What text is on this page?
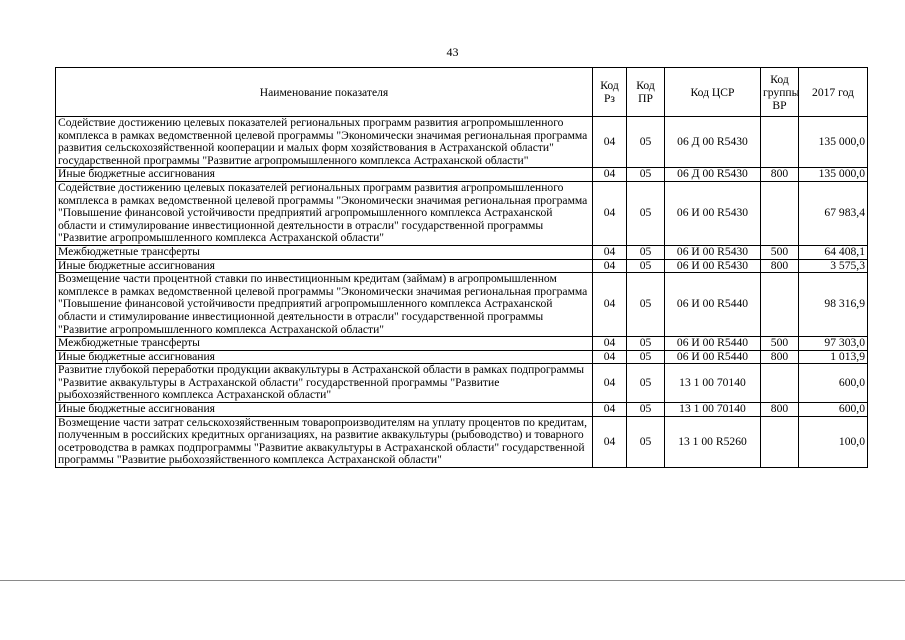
43
Наименование показателя	Код Рз	Код ПР	Код ЦСР	Код группы ВР	2017 год
Содействие достижению целевых показателей региональных программ развития агропромышленного комплекса в рамках ведомственной целевой программы "Экономически значимая региональная программа развития сельскохозяйственной кооперации и малых форм хозяйствования в Астраханской области" государственной программы "Развитие агропромышленного комплекса Астраханской области"	04	05	06 Д 00 R5430		135 000,0
Иные бюджетные ассигнования	04	05	06 Д 00 R5430	800	135 000,0
Содействие достижению целевых показателей региональных программ развития агропромышленного комплекса в рамках ведомственной целевой программы "Экономически значимая региональная программа "Повышение финансовой устойчивости предприятий агропромышленного комплекса Астраханской области и стимулирование инвестиционной деятельности в отрасли" государственной программы "Развитие агропромышленного комплекса Астраханской области"	04	05	06 И 00 R5430		67 983,4
Межбюджетные трансферты	04	05	06 И 00 R5430	500	64 408,1
Иные бюджетные ассигнования	04	05	06 И 00 R5430	800	3 575,3
Возмещение части процентной ставки по инвестиционным кредитам (займам) в агропромышленном комплексе в рамках ведомственной целевой программы "Экономически значимая региональная программа "Повышение финансовой устойчивости предприятий агропромышленного комплекса Астраханской области и стимулирование инвестиционной деятельности в отрасли" государственной программы "Развитие агропромышленного комплекса Астраханской области"	04	05	06 И 00 R5440		98 316,9
Межбюджетные трансферты	04	05	06 И 00 R5440	500	97 303,0
Иные бюджетные ассигнования	04	05	06 И 00 R5440	800	1 013,9
Развитие глубокой переработки продукции аквакультуры в Астраханской области в рамках подпрограммы "Развитие аквакультуры в Астраханской области" государственной программы "Развитие рыбохозяйственного комплекса Астраханской области"	04	05	13 1 00 70140		600,0
Иные бюджетные ассигнования	04	05	13 1 00 70140	800	600,0
Возмещение части затрат сельскохозяйственным товаропроизводителям на уплату процентов по кредитам, полученным в российских кредитных организациях, на развитие аквакультуры (рыбоводство) и товарного осетроводства в рамках подпрограммы "Развитие аквакультуры в Астраханской области" государственной программы "Развитие рыбохозяйственного комплекса Астраханской области"	04	05	13 1 00 R5260		100,0
